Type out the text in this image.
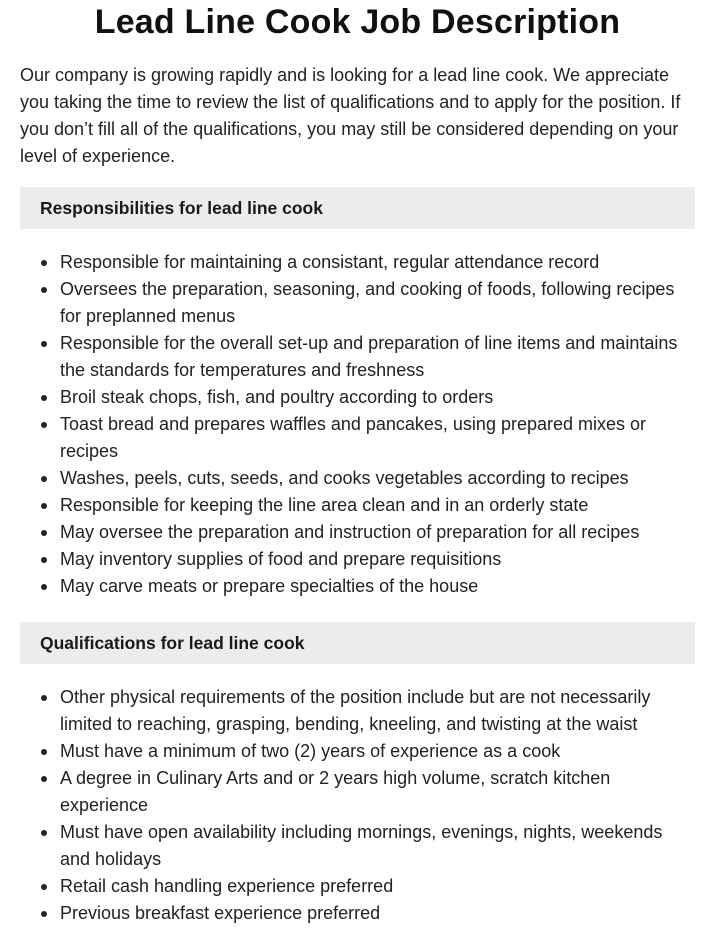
Lead Line Cook Job Description

Our company is growing rapidly and is looking for a lead line cook. We appreciate you taking the time to review the list of qualifications and to apply for the position. If you don’t fill all of the qualifications, you may still be considered depending on your level of experience.

Responsibilities for lead line cook
Responsible for maintaining a consistant, regular attendance record
Oversees the preparation, seasoning, and cooking of foods, following recipes for preplanned menus
Responsible for the overall set-up and preparation of line items and maintains the standards for temperatures and freshness
Broil steak chops, fish, and poultry according to orders
Toast bread and prepares waffles and pancakes, using prepared mixes or recipes
Washes, peels, cuts, seeds, and cooks vegetables according to recipes
Responsible for keeping the line area clean and in an orderly state
May oversee the preparation and instruction of preparation for all recipes
May inventory supplies of food and prepare requisitions
May carve meats or prepare specialties of the house
Qualifications for lead line cook
Other physical requirements of the position include but are not necessarily limited to reaching, grasping, bending, kneeling, and twisting at the waist
Must have a minimum of two (2) years of experience as a cook
A degree in Culinary Arts and or 2 years high volume, scratch kitchen experience
Must have open availability including mornings, evenings, nights, weekends and holidays
Retail cash handling experience preferred
Previous breakfast experience preferred
